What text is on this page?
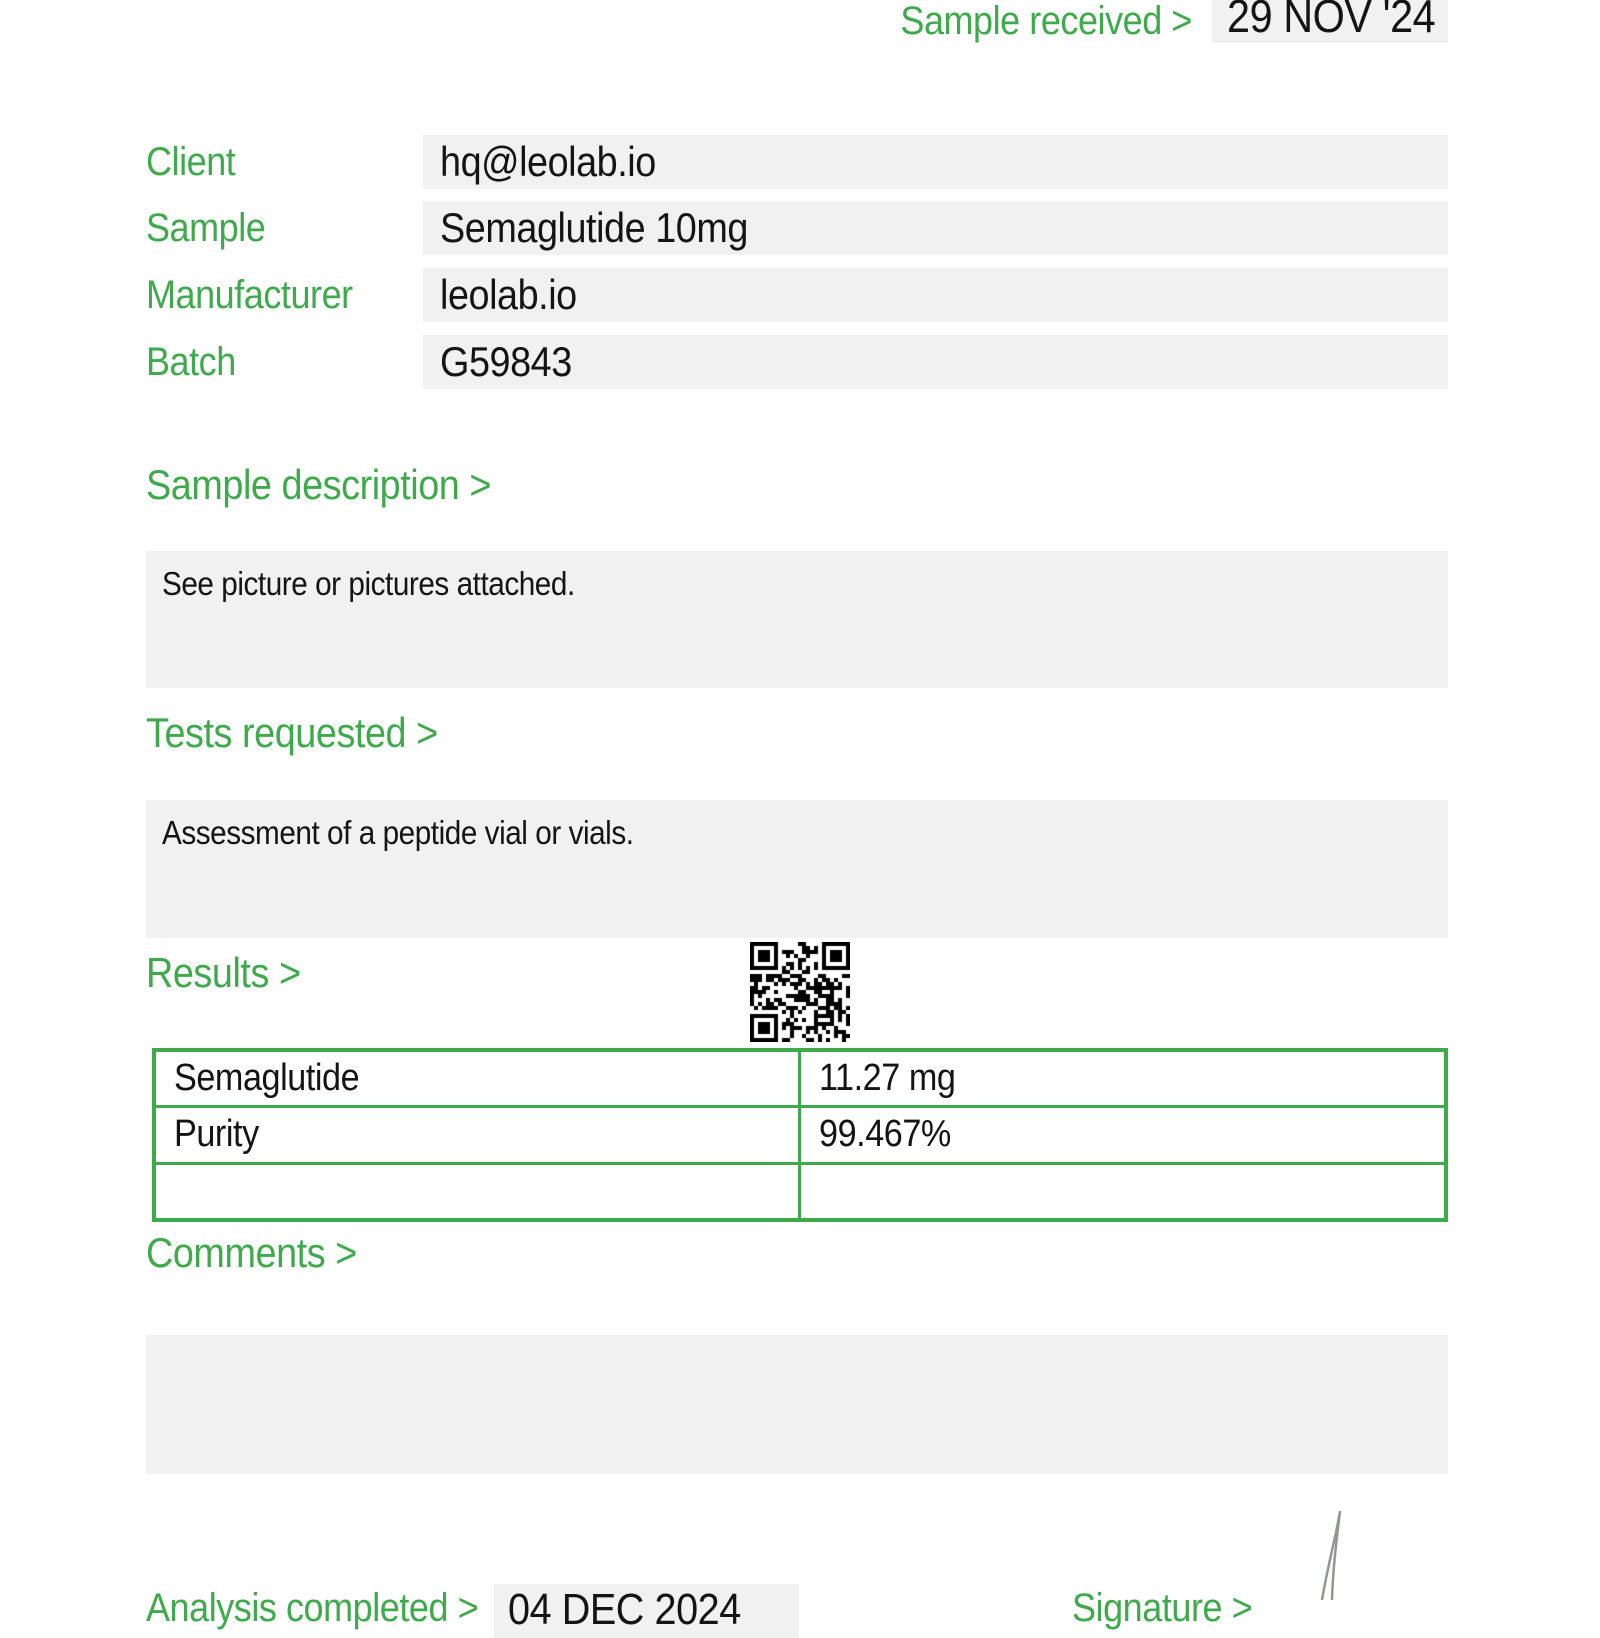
Sample received > 29 NOV '24
Client	hq@leolab.io
Sample	Semaglutide 10mg
Manufacturer	leolab.io
Batch	G59843
Sample description >
See picture or pictures attached.
Tests requested >
Assessment of a peptide vial or vials.
Results >
Semaglutide	11.27 mg
Purity	99.467%
Comments >
Analysis completed > 04 DEC 2024	Signature >
